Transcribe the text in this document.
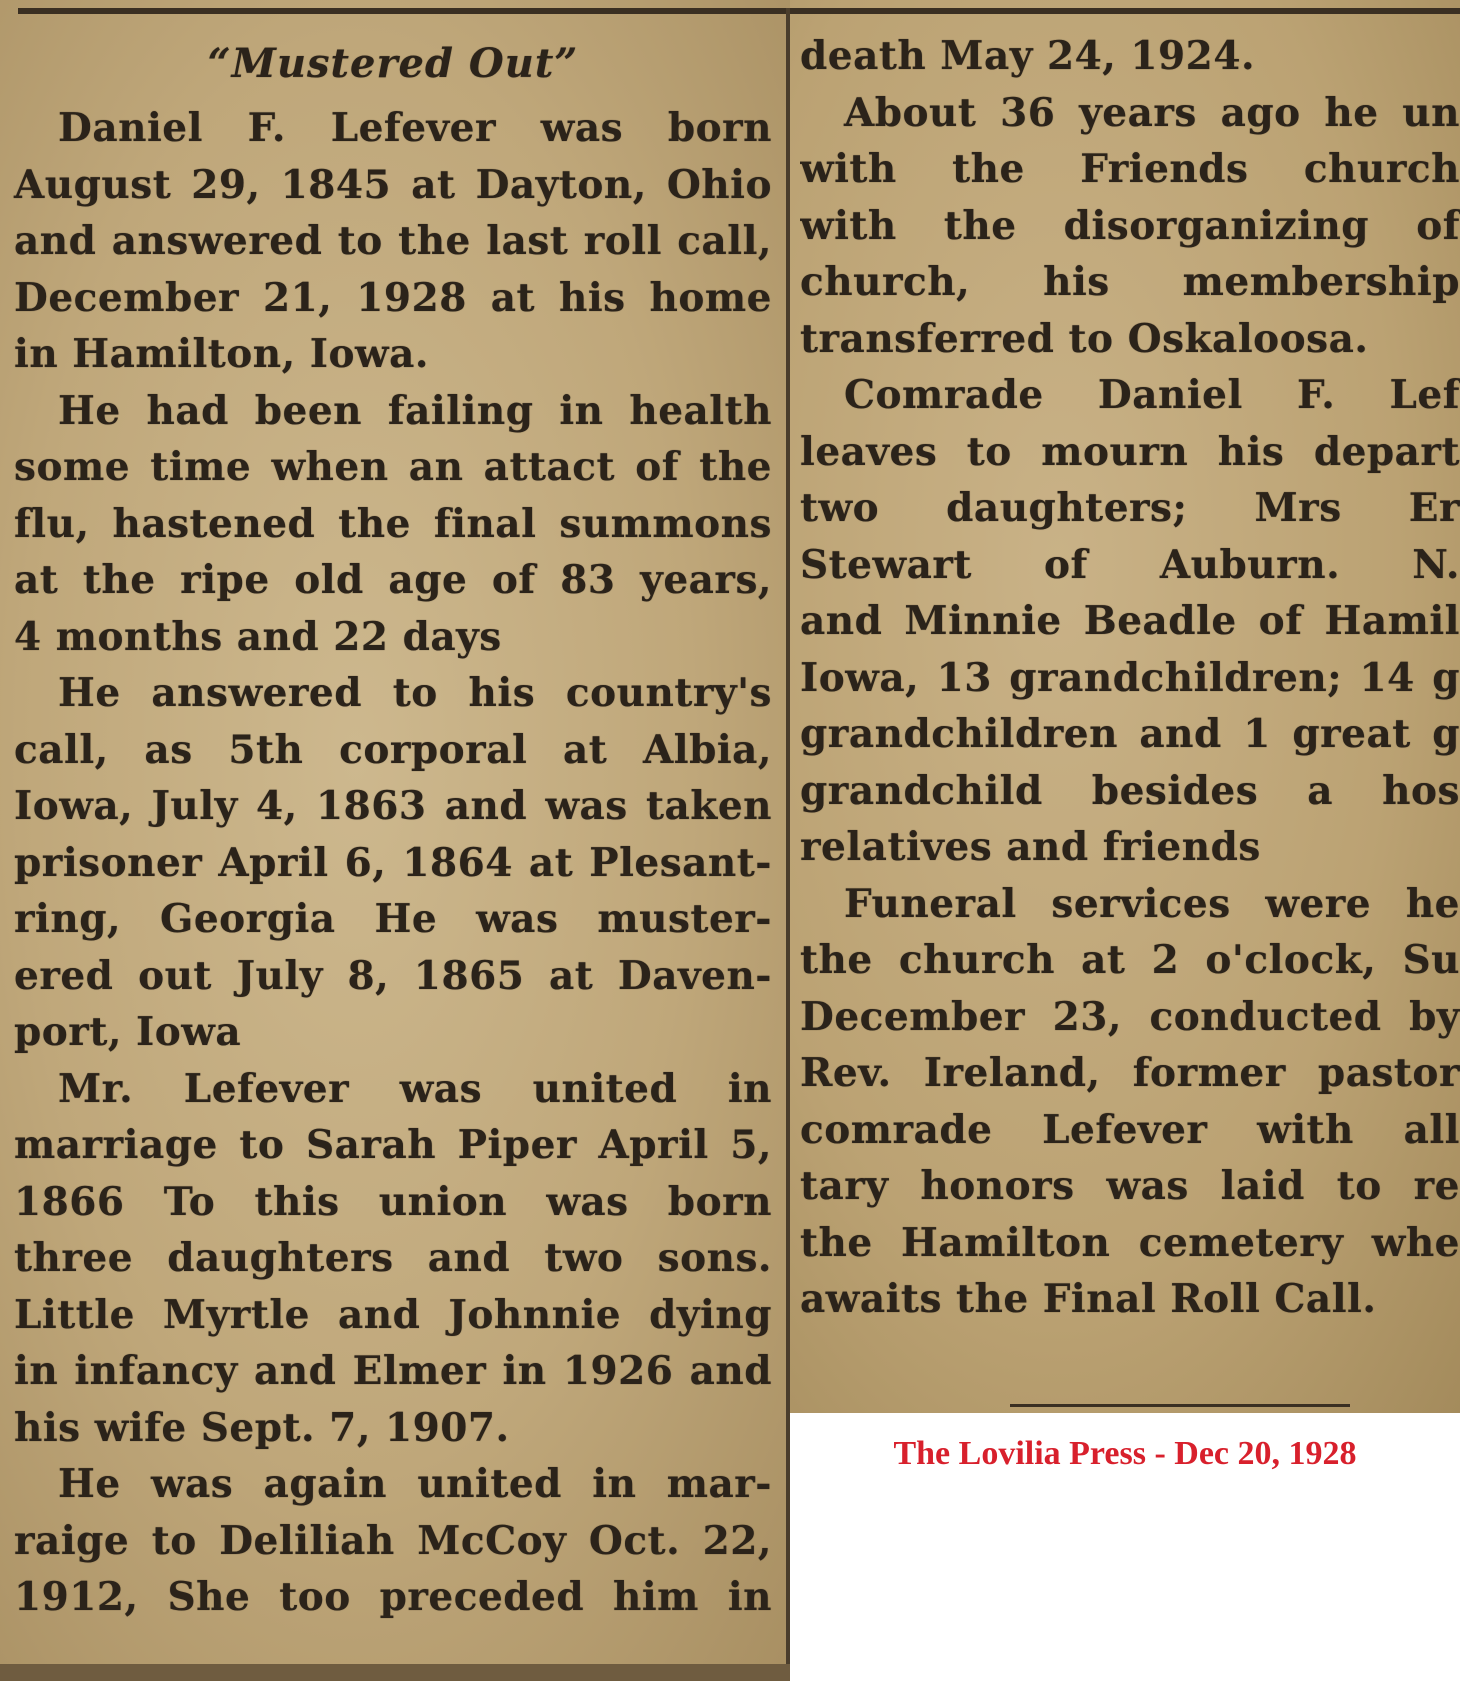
“Mustered Out”
Daniel F. Lefever was born
August 29, 1845 at Dayton, Ohio
and answered to the last roll call,
December 21, 1928 at his home
in Hamilton, Iowa.
He had been failing in health
some time when an attact of the
flu, hastened the final summons
at the ripe old age of 83 years,
4 months and 22 days
He answered to his country's
call, as 5th corporal at Albia,
Iowa, July 4, 1863 and was taken
prisoner April 6, 1864 at Plesant-
ring, Georgia He was muster-
ered out July 8, 1865 at Daven-
port, Iowa
Mr. Lefever was united in
marriage to Sarah Piper April 5,
1866 To this union was born
three daughters and two sons.
Little Myrtle and Johnnie dying
in infancy and Elmer in 1926 and
his wife Sept. 7, 1907.
He was again united in mar-
raige to Deliliah McCoy Oct. 22,
1912, She too preceded him in
death May 24, 1924.
About 36 years ago he un
with the Friends church
with the disorganizing of
church, his membership
transferred to Oskaloosa.
Comrade Daniel F. Lef
leaves to mourn his depart
two daughters; Mrs Er
Stewart of Auburn. N.
and Minnie Beadle of Hamil
Iowa, 13 grandchildren; 14 g
grandchildren and 1 great g
grandchild besides a hos
relatives and friends
Funeral services were he
the church at 2 o'clock, Su
December 23, conducted by
Rev. Ireland, former pastor
comrade Lefever with all
tary honors was laid to re
the Hamilton cemetery whe
awaits the Final Roll Call.
The Lovilia Press - Dec 20, 1928
